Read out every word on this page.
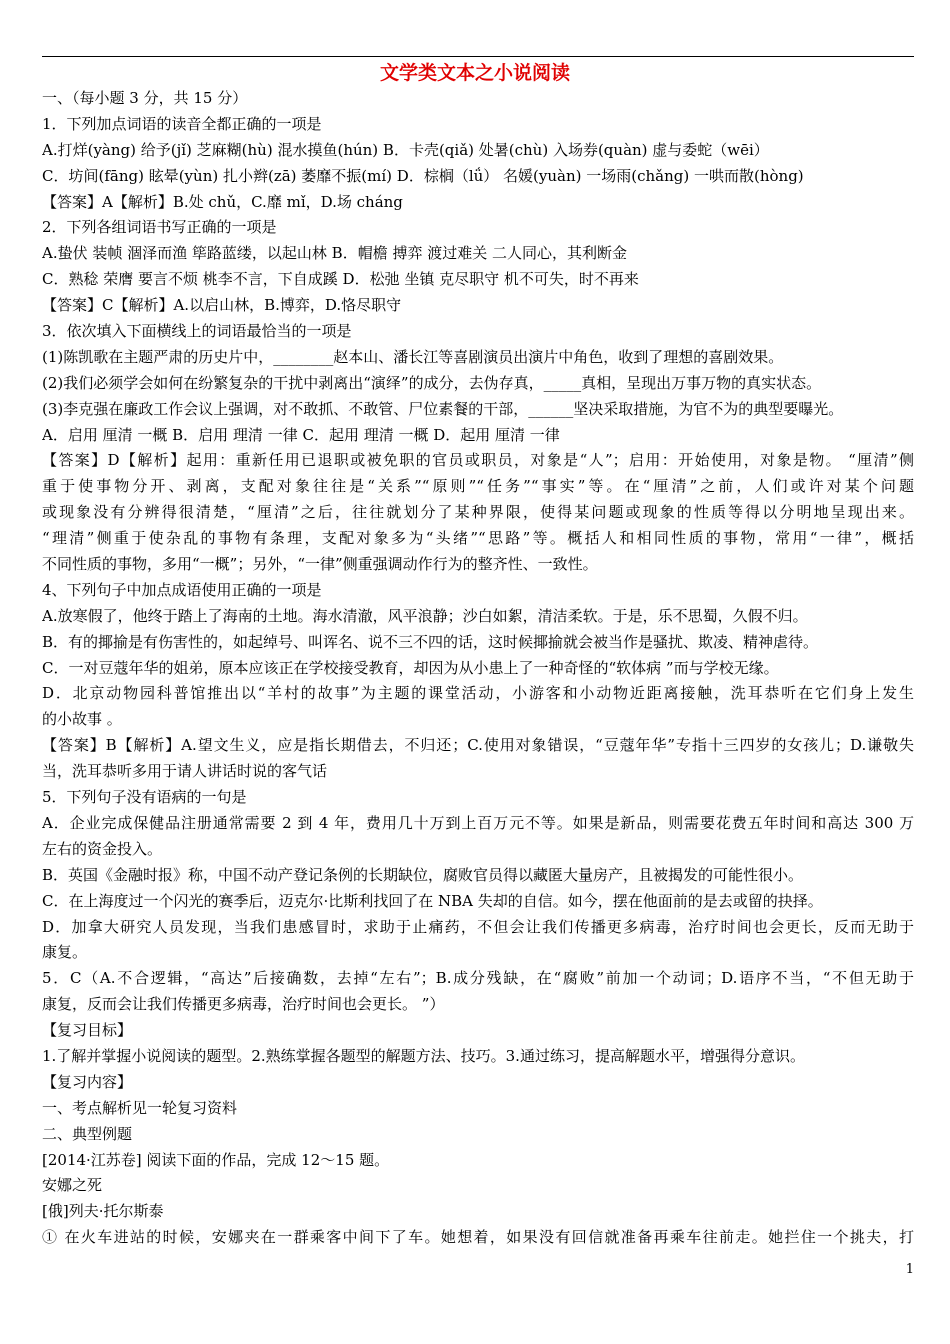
文学类文本之小说阅读
一、（每小题 3 分，共 15 分）
1．下列加点词语的读音全都正确的一项是
A.打烊(yàng) 给予(jǐ) 芝麻糊(hù) 混水摸鱼(hún) B．卡壳(qiǎ) 处暑(chù) 入场券(quàn) 虚与委蛇（wēi）
C．坊间(fāng) 眩晕(yùn) 扎小辫(zā) 萎靡不振(mí) D．棕榈（lǘ） 名媛(yuàn) 一场雨(chǎng) 一哄而散(hòng)
【答案】A【解析】B.处 chǔ，C.靡 mǐ，D.场 cháng
2．下列各组词语书写正确的一项是
A.蛰伏 装帧 涸泽而渔 筚路蓝缕，以起山林 B．帽檐 搏弈 渡过难关 二人同心，其利断金
C．熟稔 荣膺 要言不烦 桃李不言，下自成蹊 D．松弛 坐镇 克尽职守 机不可失，时不再来
【答案】C【解析】A.以启山林，B.博弈，D.恪尽职守
3．依次填入下面横线上的词语最恰当的一项是
(1)陈凯歌在主题严肃的历史片中，________赵本山、潘长江等喜剧演员出演片中角色，收到了理想的喜剧效果。
(2)我们必须学会如何在纷繁复杂的干扰中剥离出“演绎”的成分，去伪存真，_____真相，呈现出万事万物的真实状态。
(3)李克强在廉政工作会议上强调，对不敢抓、不敢管、尸位素餐的干部，______坚决采取措施，为官不为的典型要曝光。
A．启用 厘清 一概 B．启用 理清 一律 C．起用 理清 一概 D．起用 厘清 一律
【答案】D【解析】起用：重新任用已退职或被免职的官员或职员，对象是“人”；启用：开始使用，对象是物。 “厘清”侧
重于使事物分开、剥离，支配对象往往是“关系”“原则”“任务”“事实”等。在“厘清”之前，人们或许对某个问题
或现象没有分辨得很清楚，“厘清”之后，往往就划分了某种界限，使得某问题或现象的性质等得以分明地呈现出来。
“理清”侧重于使杂乱的事物有条理，支配对象多为“头绪”“思路”等。概括人和相同性质的事物，常用“一律”，概括
不同性质的事物，多用“一概”；另外，“一律”侧重强调动作行为的整齐性、一致性。
4、下列句子中加点成语使用正确的一项是
A.放寒假了，他终于踏上了海南的土地。海水清澈，风平浪静；沙白如絮，清洁柔软。于是，乐不思蜀，久假不归。
B．有的揶揄是有伤害性的，如起绰号、叫诨名、说不三不四的话，这时候揶揄就会被当作是骚扰、欺凌、精神虐待。
C．一对豆蔻年华的姐弟，原本应该正在学校接受教育，却因为从小患上了一种奇怪的“软体病 ”而与学校无缘。
D．北京动物园科普馆推出以“羊村的故事”为主题的课堂活动，小游客和小动物近距离接触，洗耳恭听在它们身上发生
的小故事 。
【答案】B【解析】A.望文生义，应是指长期借去，不归还；C.使用对象错误，“豆蔻年华”专指十三四岁的女孩儿；D.谦敬失
当，洗耳恭听多用于请人讲话时说的客气话
5．下列句子没有语病的一句是
A．企业完成保健品注册通常需要 2 到 4 年，费用几十万到上百万元不等。如果是新品，则需要花费五年时间和高达 300 万
左右的资金投入。
B．英国《金融时报》称，中国不动产登记条例的长期缺位，腐败官员得以藏匿大量房产，且被揭发的可能性很小。
C．在上海度过一个闪光的赛季后，迈克尔·比斯利找回了在 NBA 失却的自信。如今，摆在他面前的是去或留的抉择。
D．加拿大研究人员发现，当我们患感冒时，求助于止痛药，不但会让我们传播更多病毒，治疗时间也会更长，反而无助于
康复。
5．C（A.不合逻辑，“高达”后接确数，去掉“左右”；B.成分残缺，在“腐败”前加一个动词；D.语序不当，“不但无助于
康复，反而会让我们传播更多病毒，治疗时间也会更长。 ”）
【复习目标】
1.了解并掌握小说阅读的题型。2.熟练掌握各题型的解题方法、技巧。3.通过练习，提高解题水平，增强得分意识。
【复习内容】
一、考点解析见一轮复习资料
二、典型例题
[2014·江苏卷] 阅读下面的作品，完成 12～15 题。
安娜之死
[俄]列夫·托尔斯泰
① 在火车进站的时候，安娜夹在一群乘客中间下了车。她想着，如果没有回信就准备再乘车往前走。她拦住一个挑夫，打
1
